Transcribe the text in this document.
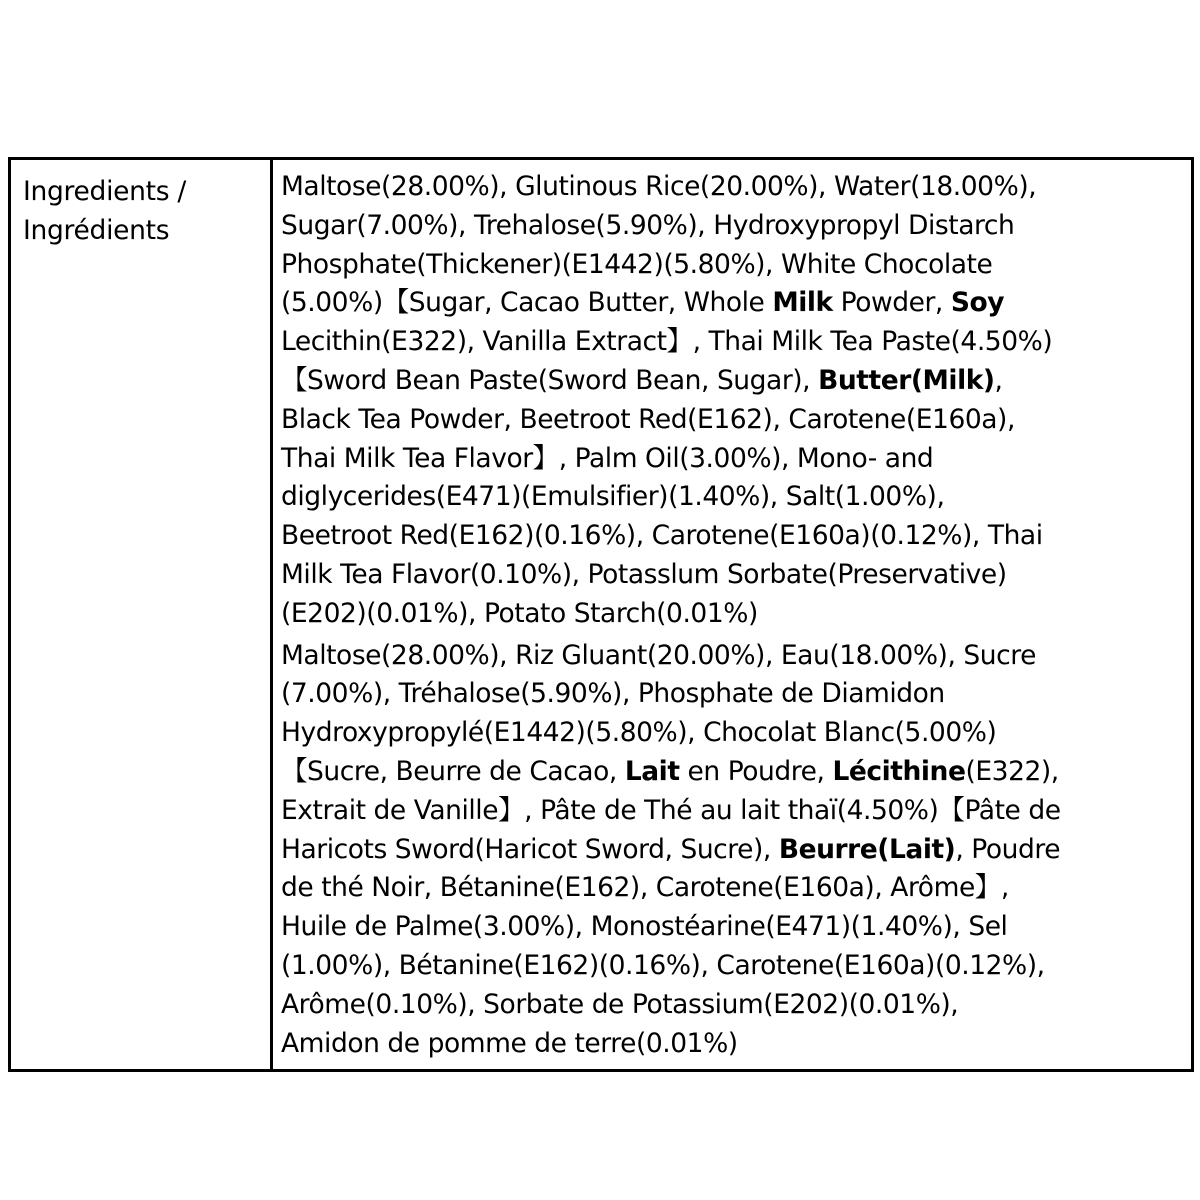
Ingredients /
Ingrédients
Maltose(28.00%), Glutinous Rice(20.00%), Water(18.00%),
Sugar(7.00%), Trehalose(5.90%), Hydroxypropyl Distarch
Phosphate(Thickener)(E1442)(5.80%), White Chocolate
(5.00%)【Sugar, Cacao Butter, Whole Milk Powder, Soy
Lecithin(E322), Vanilla Extract】, Thai Milk Tea Paste(4.50%)
【Sword Bean Paste(Sword Bean, Sugar), Butter(Milk),
Black Tea Powder, Beetroot Red(E162), Carotene(E160a),
Thai Milk Tea Flavor】, Palm Oil(3.00%), Mono- and
diglycerides(E471)(Emulsifier)(1.40%), Salt(1.00%),
Beetroot Red(E162)(0.16%), Carotene(E160a)(0.12%), Thai
Milk Tea Flavor(0.10%), Potasslum Sorbate(Preservative)
(E202)(0.01%), Potato Starch(0.01%)
Maltose(28.00%), Riz Gluant(20.00%), Eau(18.00%), Sucre
(7.00%), Tréhalose(5.90%), Phosphate de Diamidon
Hydroxypropylé(E1442)(5.80%), Chocolat Blanc(5.00%)
【Sucre, Beurre de Cacao, Lait en Poudre, Lécithine(E322),
Extrait de Vanille】, Pâte de Thé au lait thaï(4.50%)【Pâte de
Haricots Sword(Haricot Sword, Sucre), Beurre(Lait), Poudre
de thé Noir, Bétanine(E162), Carotene(E160a), Arôme】,
Huile de Palme(3.00%), Monostéarine(E471)(1.40%), Sel
(1.00%), Bétanine(E162)(0.16%), Carotene(E160a)(0.12%),
Arôme(0.10%), Sorbate de Potassium(E202)(0.01%),
Amidon de pomme de terre(0.01%)
